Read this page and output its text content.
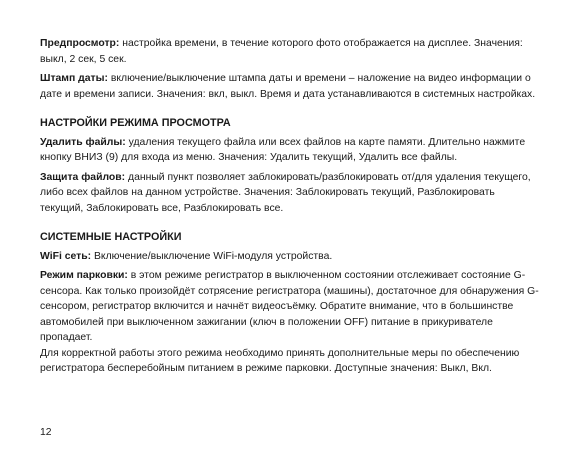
Предпросмотр: настройка времени, в течение которого фото отображается на дисплее. Значения: выкл, 2 сек, 5 сек.

Штамп даты: включение/выключение штампа даты и времени – наложение на видео информации о дате и времени записи. Значения: вкл, выкл. Время и дата устанавливаются в системных настройках.

НАСТРОЙКИ РЕЖИМА ПРОСМОТРА

Удалить файлы: удаления текущего файла или всех файлов на карте памяти. Длительно нажмите кнопку ВНИЗ (9) для входа из меню. Значения: Удалить текущий, Удалить все файлы.

Защита файлов: данный пункт позволяет заблокировать/разблокировать от/для удаления текущего, либо всех файлов на данном устройстве. Значения: Заблокировать текущий, Разблокировать текущий, Заблокировать все, Разблокировать все.

СИСТЕМНЫЕ НАСТРОЙКИ

WiFi сеть: Включение/выключение WiFi-модуля устройства.

Режим парковки: в этом режиме регистратор в выключенном состоянии отслеживает состояние G-сенсора. Как только произойдёт сотрясение регистратора (машины), достаточное для обнаружения G-сенсором, регистратор включится и начнёт видеосъёмку. Обратите внимание, что в большинстве автомобилей при выключенном зажигании (ключ в положении OFF) питание в прикуривателе пропадает.

Для корректной работы этого режима необходимо принять дополнительные меры по обеспечению регистратора бесперебойным питанием в режиме парковки. Доступные значения: Выкл, Вкл.

12
